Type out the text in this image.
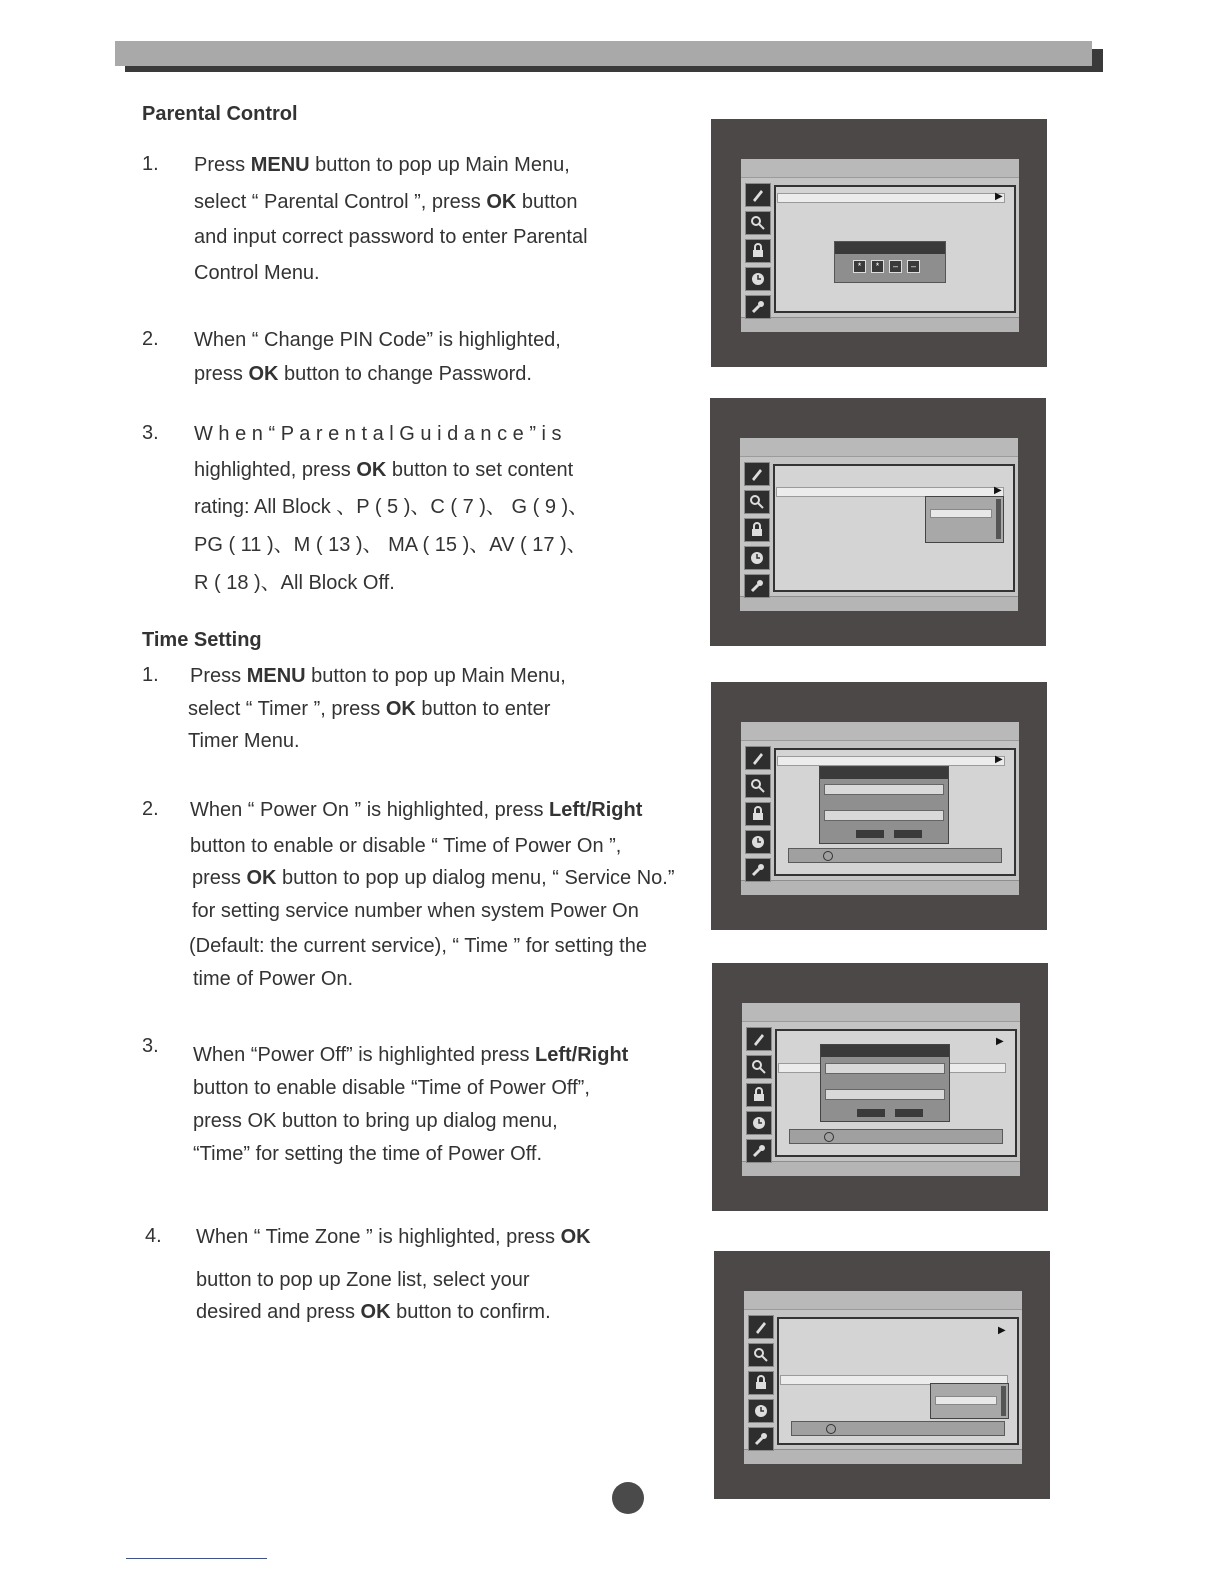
Parental Control
1. Press MENU button to pop up Main Menu,
select “ Parental Control ”, press OK button
and input correct password to enter Parental
Control Menu.
2. When “ Change PIN Code” is highlighted,
press OK button to change Password.
3. W h e n “ P a r e n t a l G u i d a n c e ” i s
highlighted, press OK button to set content
rating: All Block 、P ( 5 )、C ( 7 )、 G ( 9 )、
PG ( 11 )、M ( 13 )、 MA ( 15 )、AV ( 17 )、
R ( 18 )、All Block Off.
Time Setting
1. Press MENU button to pop up Main Menu,
select “ Timer ”, press OK button to enter
Timer Menu.
2. When “ Power On ” is highlighted, press Left/Right
button to enable or disable “ Time of Power On ”,
press OK button to pop up dialog menu, “ Service No.”
for setting service number when system Power On
(Default: the current service), “ Time ” for setting the
time of Power On.
3. When “Power Off” is highlighted press Left/Right
button to enable disable “Time of Power Off”,
press OK button to bring up dialog menu,
“Time” for setting the time of Power Off.
4. When “ Time Zone ” is highlighted, press OK
button to pop up Zone list, select your
desired and press OK button to confirm.
▶
*	*	–	–
▶
▶
▶
▶
